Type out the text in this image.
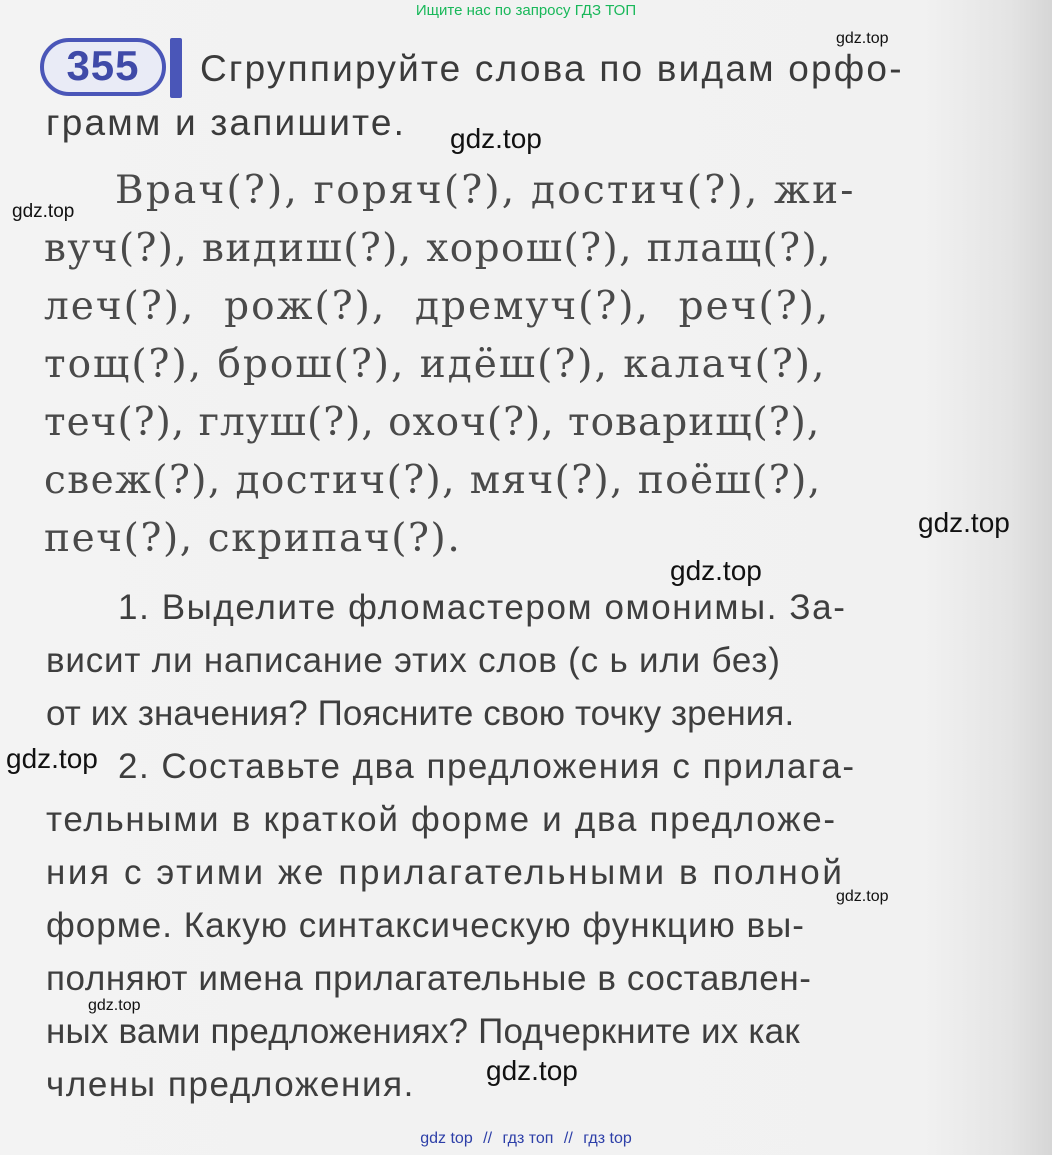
Ищите нас по запросу ГДЗ ТОП
355	Сгруппируйте слова по видам орфо-
грамм и запишите.
Врач(?), горяч(?), достич(?), жи-
вуч(?), видиш(?), хорош(?), плащ(?),
леч(?),  рож(?),  дремуч(?),  реч(?),
тощ(?), брош(?), идёш(?), калач(?),
теч(?), глуш(?), охоч(?), товарищ(?),
свеж(?), достич(?), мяч(?), поёш(?),
печ(?), скрипач(?).
1. Выделите фломастером омонимы. За-
висит ли написание этих слов (с ь или без)
от их значения? Поясните свою точку зрения.
2. Составьте два предложения с прилага-
тельными в краткой форме и два предложе-
ния с этими же прилагательными в полной
форме. Какую синтаксическую функцию вы-
полняют имена прилагательные в составлен-
ных вами предложениях? Подчеркните их как
члены предложения.
gdz.top
gdz.top
gdz.top
gdz.top
gdz.top
gdz.top
gdz.top
gdz.top
gdz.top
gdz top // гдз топ // гдз top
